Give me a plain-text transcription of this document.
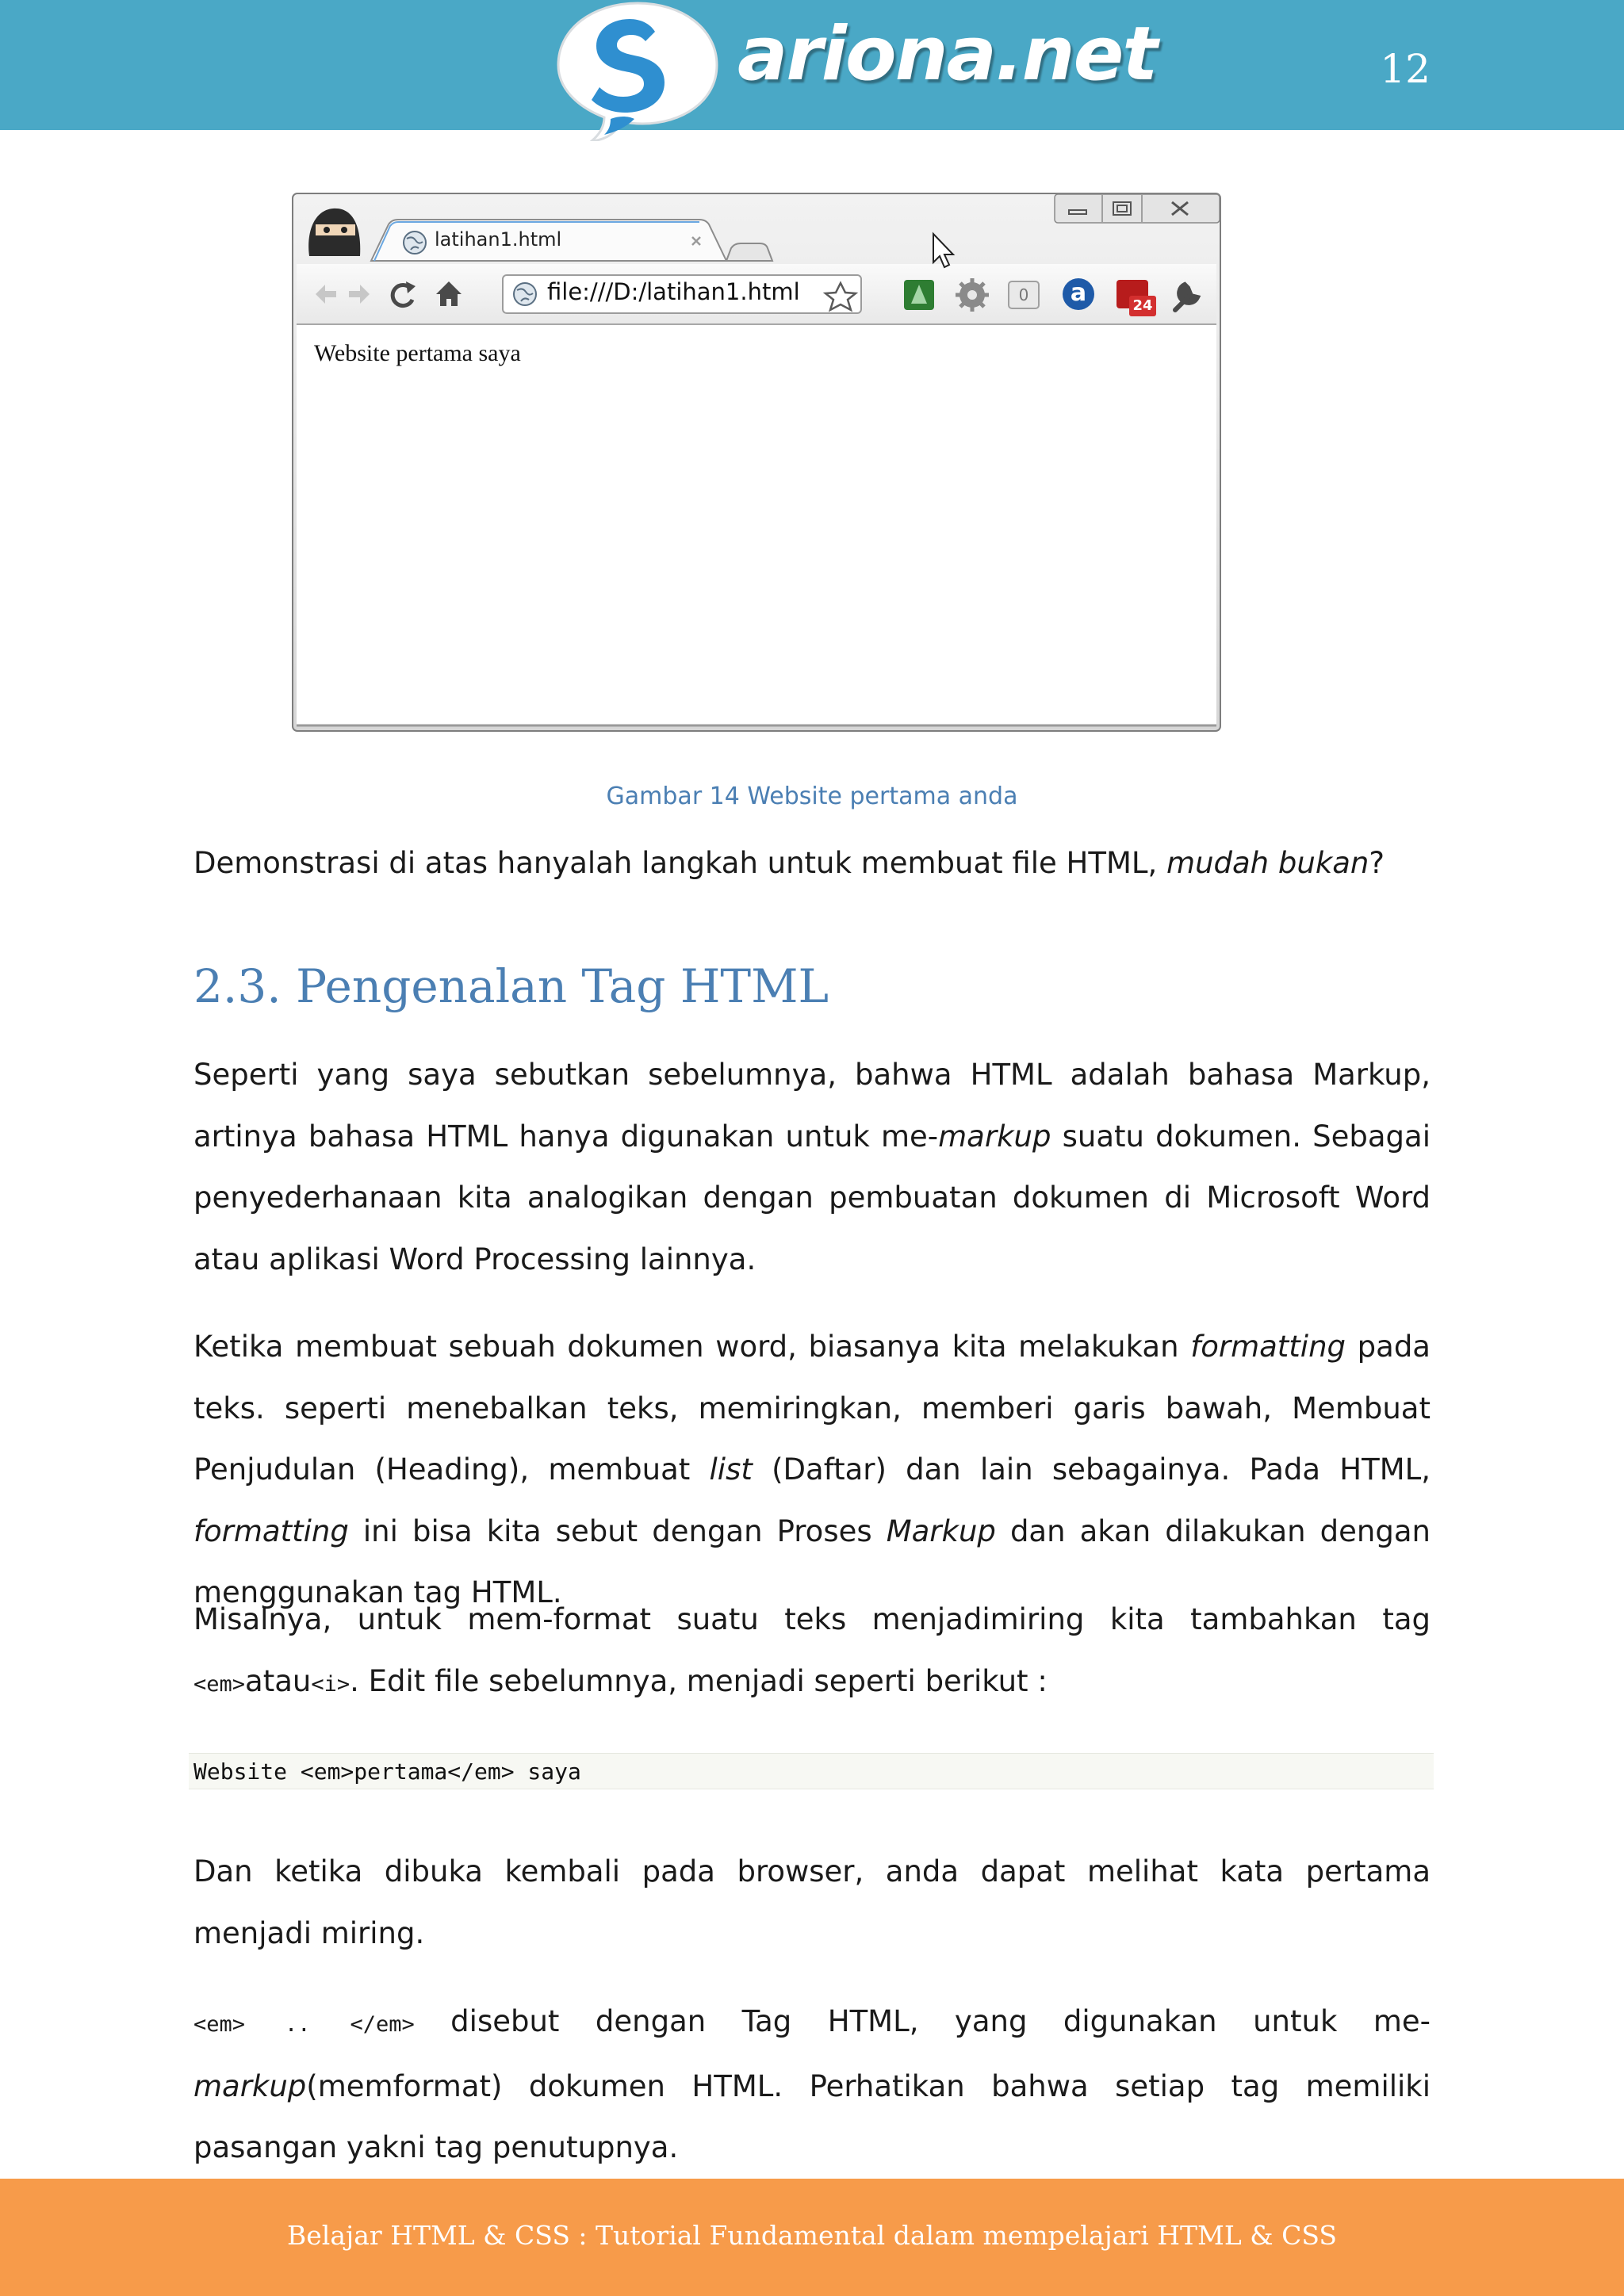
ariona.net	12
latihan1.html
file:///D:/latihan1.html	0	a	24
Website pertama saya
Gambar 14 Website pertama anda

Demonstrasi di atas hanyalah langkah untuk membuat file HTML, mudah bukan?

2.3. Pengenalan Tag HTML

Seperti yang saya sebutkan sebelumnya, bahwa HTML adalah bahasa Markup, artinya bahasa HTML hanya digunakan untuk me-markup suatu dokumen. Sebagai penyederhanaan kita analogikan dengan pembuatan dokumen di Microsoft Word atau aplikasi Word Processing lainnya.

Ketika membuat sebuah dokumen word, biasanya kita melakukan formatting pada teks. seperti menebalkan teks, memiringkan, memberi garis bawah, Membuat Penjudulan (Heading), membuat list (Daftar) dan lain sebagainya. Pada HTML, formatting ini bisa kita sebut dengan Proses Markup dan akan dilakukan dengan menggunakan tag HTML.

Misalnya, untuk mem-format suatu teks menjadimiring kita tambahkan tag <em>atau<i>. Edit file sebelumnya, menjadi seperti berikut :

Website <em>pertama</em> saya

Dan ketika dibuka kembali pada browser, anda dapat melihat kata pertama menjadi miring.

<em> .. </em> disebut dengan Tag HTML, yang digunakan untuk me-markup(memformat) dokumen HTML. Perhatikan bahwa setiap tag memiliki pasangan yakni tag penutupnya.

Belajar HTML & CSS : Tutorial Fundamental dalam mempelajari HTML & CSS
